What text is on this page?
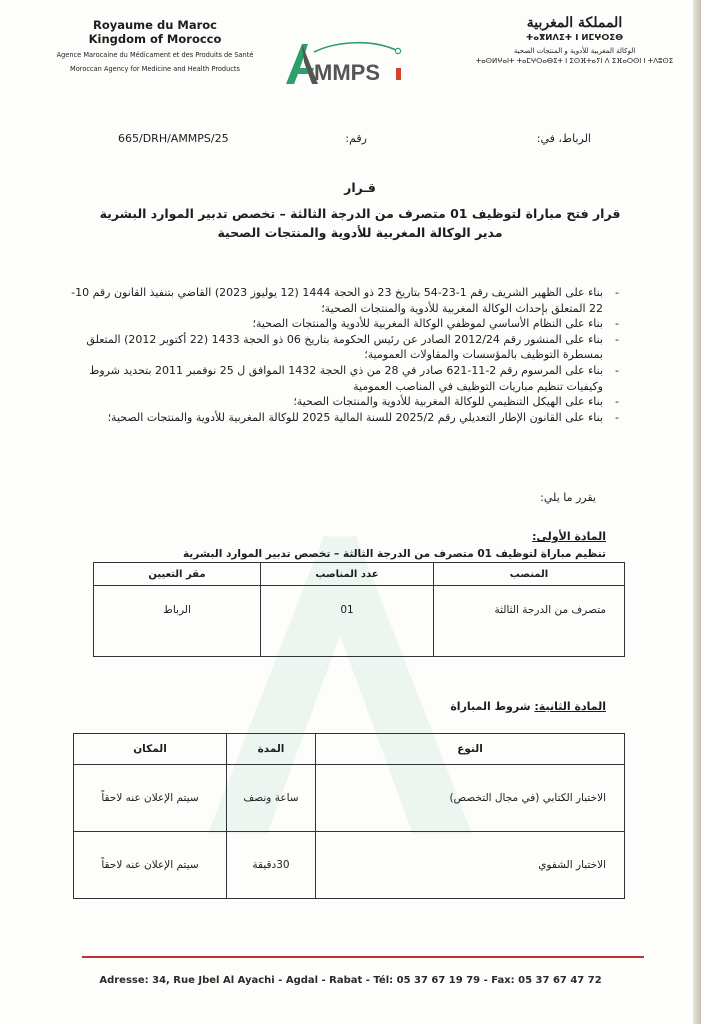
Royaume du Maroc
Kingdom of Morocco
Agence Marocaine du Médicament et des Produits de Santé
Moroccan Agency for Medicine and Health Products	MMPS
المملكة المغربية
ⵜⴰⴳⵍⴷⵉⵜ ⵏ ⵍⵎⵖⵔⵉⴱ
الوكالة المغربية للأدوية و المنتجات الصحية
ⵜⴰⵙⵍⵖⴰⵏⵜ ⵜⴰⵎⵖⵔⴰⴱⵉⵜ ⵏ ⵉⵙⴼⵜⴰⵢⵏ ⴷ ⵉⴼⴰⵔⵙⵏ ⵏ ⵜⴷⵓⵙⵉ
الرباط، في:
رقم:
665/DRH/AMMPS/25
قـرار
قرار فتح مباراة لتوظيف 01 متصرف من الدرجة الثالثة – تخصص تدبير الموارد البشرية
مدير الوكالة المغربية للأدوية والمنتجات الصحية
- بناء على الظهير الشريف رقم 1-23-54 بتاريخ 23 ذو الحجة 1444 (12 يوليوز 2023) القاضي بتنفيذ القانون رقم 10-22 المتعلق بإحداث الوكالة المغربية للأدوية والمنتجات الصحية؛
- بناء على النظام الأساسي لموظفي الوكالة المغربية للأدوية والمنتجات الصحية؛
- بناء على المنشور رقم 2012/24 الصادر عن رئيس الحكومة بتاريخ 06 ذو الحجة 1433 (22 أكتوبر 2012) المتعلق بمسطرة التوظيف بالمؤسسات والمقاولات العمومية؛
- بناء على المرسوم رقم 2-11-621 صادر في 28 من ذي الحجة 1432 الموافق ل 25 نوفمبر 2011 بتحديد شروط وكيفيات تنظيم مباريات التوظيف في المناصب العمومية
- بناء على الهيكل التنظيمي للوكالة المغربية للأدوية والمنتجات الصحية؛
- بناء على القانون الإطار التعديلي رقم 2025/2 للسنة المالية 2025 للوكالة المغربية للأدوية والمنتجات الصحية؛
يقرر ما يلي:
المادة الأولى:
تنظيم مباراة لتوظيف 01 متصرف من الدرجة الثالثة – تخصص تدبير الموارد البشرية
المنصب	عدد المناصب	مقر التعيين
متصرف من الدرجة الثالثة	01	الرباط
المادة الثانية: شروط المباراة
النوع	المدة	المكان
الاختبار الكتابي (في مجال التخصص)	ساعة ونصف	سيتم الإعلان عنه لاحقاً
الاختبار الشفوي	30دقيقة	سيتم الإعلان عنه لاحقاً
Adresse: 34, Rue Jbel Al Ayachi - Agdal - Rabat - Tél: 05 37 67 19 79 - Fax: 05 37 67 47 72
